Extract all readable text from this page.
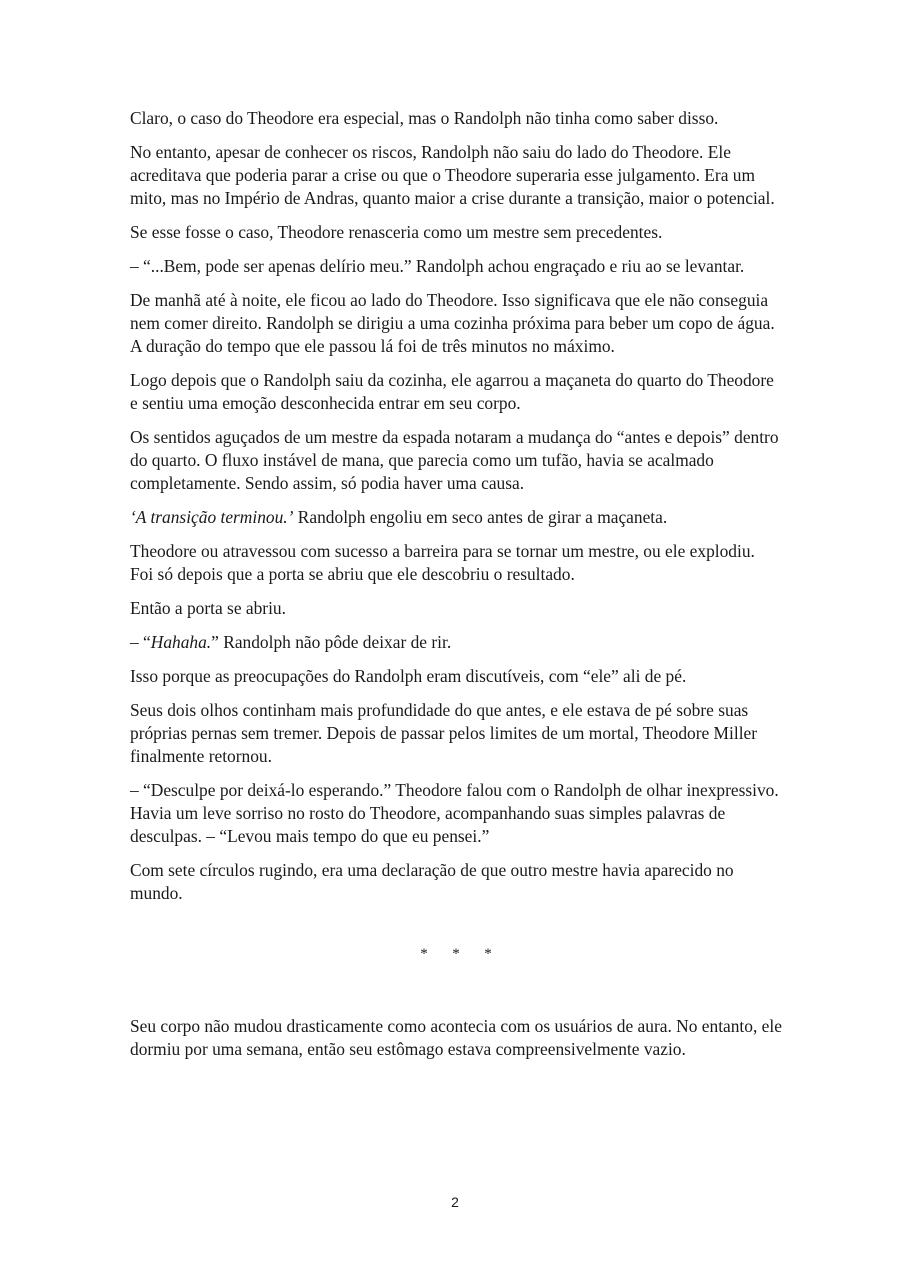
Claro, o caso do Theodore era especial, mas o Randolph não tinha como saber disso.

No entanto, apesar de conhecer os riscos, Randolph não saiu do lado do Theodore. Ele acreditava que poderia parar a crise ou que o Theodore superaria esse julgamento. Era um mito, mas no Império de Andras, quanto maior a crise durante a transição, maior o potencial.

Se esse fosse o caso, Theodore renasceria como um mestre sem precedentes.

– “...Bem, pode ser apenas delírio meu.” Randolph achou engraçado e riu ao se levantar.

De manhã até à noite, ele ficou ao lado do Theodore. Isso significava que ele não conseguia nem comer direito. Randolph se dirigiu a uma cozinha próxima para beber um copo de água. A duração do tempo que ele passou lá foi de três minutos no máximo.

Logo depois que o Randolph saiu da cozinha, ele agarrou a maçaneta do quarto do Theodore e sentiu uma emoção desconhecida entrar em seu corpo.

Os sentidos aguçados de um mestre da espada notaram a mudança do “antes e depois” dentro do quarto. O fluxo instável de mana, que parecia como um tufão, havia se acalmado completamente. Sendo assim, só podia haver uma causa.

‘A transição terminou.’ Randolph engoliu em seco antes de girar a maçaneta.

Theodore ou atravessou com sucesso a barreira para se tornar um mestre, ou ele explodiu. Foi só depois que a porta se abriu que ele descobriu o resultado.

Então a porta se abriu.

– “Hahaha.” Randolph não pôde deixar de rir.

Isso porque as preocupações do Randolph eram discutíveis, com “ele” ali de pé.

Seus dois olhos continham mais profundidade do que antes, e ele estava de pé sobre suas próprias pernas sem tremer. Depois de passar pelos limites de um mortal, Theodore Miller finalmente retornou.

– “Desculpe por deixá-lo esperando.” Theodore falou com o Randolph de olhar inexpressivo. Havia um leve sorriso no rosto do Theodore, acompanhando suas simples palavras de desculpas. – “Levou mais tempo do que eu pensei.”

Com sete círculos rugindo, era uma declaração de que outro mestre havia aparecido no mundo.

* * *

Seu corpo não mudou drasticamente como acontecia com os usuários de aura. No entanto, ele dormiu por uma semana, então seu estômago estava compreensivelmente vazio.

2
